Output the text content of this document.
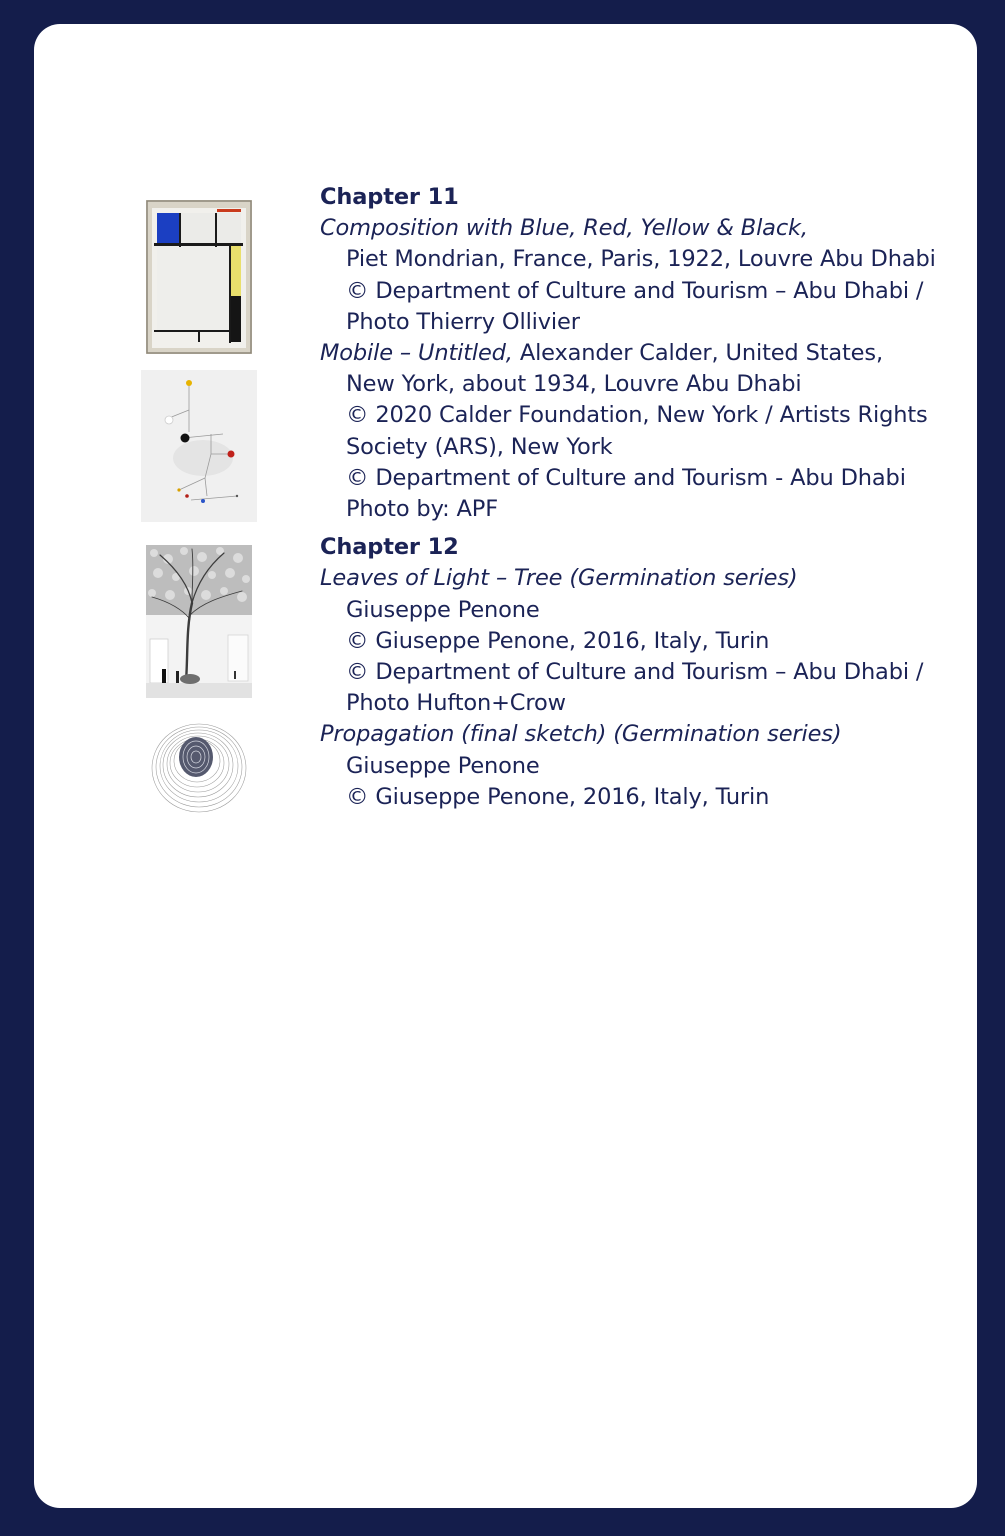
Chapter 11
Composition with Blue, Red, Yellow & Black,
Piet Mondrian, France, Paris, 1922, Louvre Abu Dhabi
© Department of Culture and Tourism – Abu Dhabi /
Photo Thierry Ollivier
Mobile – Untitled, Alexander Calder, United States,
New York, about 1934, Louvre Abu Dhabi
© 2020 Calder Foundation, New York / Artists Rights
Society (ARS), New York
© Department of Culture and Tourism - Abu Dhabi
Photo by: APF
Chapter 12
Leaves of Light – Tree (Germination series)
Giuseppe Penone
© Giuseppe Penone, 2016, Italy, Turin
© Department of Culture and Tourism – Abu Dhabi /
Photo Hufton+Crow
Propagation (final sketch) (Germination series)
Giuseppe Penone
© Giuseppe Penone, 2016, Italy, Turin
